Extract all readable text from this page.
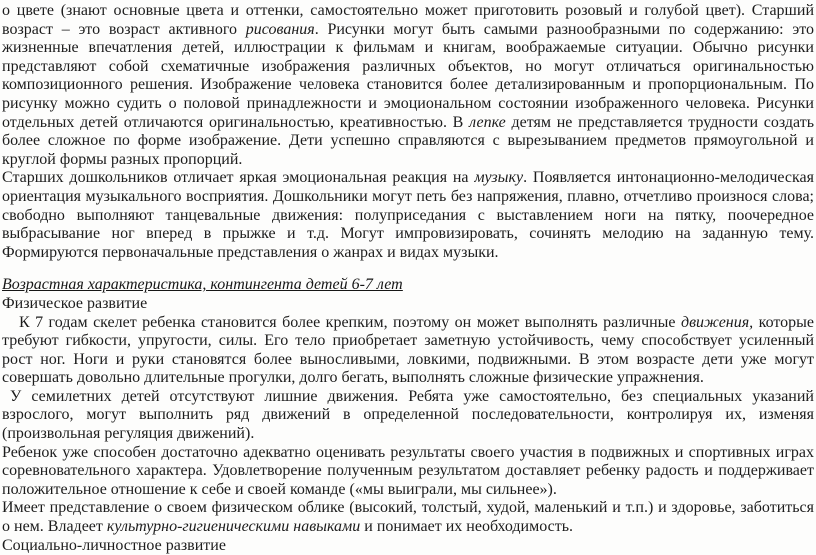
о цвете (знают основные цвета и оттенки, самостоятельно может приготовить розовый и голубой цвет). Старший возраст – это возраст активного рисования. Рисунки могут быть самыми разнообразными по содержанию: это жизненные впечатления детей, иллюстрации к фильмам и книгам, воображаемые ситуации. Обычно рисунки представляют собой схематичные изображения различных объектов, но могут отличаться оригинальностью композиционного решения. Изображение человека становится более детализированным и пропорциональным. По рисунку можно судить о половой принадлежности и эмоциональном состоянии изображенного человека. Рисунки отдельных детей отличаются оригинальностью, креативностью. В лепке детям не представляется трудности создать более сложное по форме изображение. Дети успешно справляются с вырезыванием предметов прямоугольной и круглой формы разных пропорций.

Старших дошкольников отличает яркая эмоциональная реакция на музыку. Появляется интонационно-мелодическая ориентация музыкального восприятия. Дошкольники могут петь без напряжения, плавно, отчетливо произнося слова; свободно выполняют танцевальные движения: полуприседания с выставлением ноги на пятку, поочередное выбрасывание ног вперед в прыжке и т.д. Могут импровизировать, сочинять мелодию на заданную тему. Формируются первоначальные представления о жанрах и видах музыки.

Возрастная характеристика, контингента детей 6-7 лет

Физическое развитие

К 7 годам скелет ребенка становится более крепким, поэтому он может выполнять различные движения, которые требуют гибкости, упругости, силы. Его тело приобретает заметную устойчивость, чему способствует усиленный рост ног. Ноги и руки становятся более выносливыми, ловкими, подвижными. В этом возрасте дети уже могут совершать довольно длительные прогулки, долго бегать, выполнять сложные физические упражнения.

У семилетних детей отсутствуют лишние движения. Ребята уже самостоятельно, без специальных указаний взрослого, могут выполнить ряд движений в определенной последовательности, контролируя их, изменяя (произвольная регуляция движений).

Ребенок уже способен достаточно адекватно оценивать результаты своего участия в подвижных и спортивных играх соревновательного характера. Удовлетворение полученным результатом доставляет ребенку радость и поддерживает положительное отношение к себе и своей команде («мы выиграли, мы сильнее»).

Имеет представление о своем физическом облике (высокий, толстый, худой, маленький и т.п.) и здоровье, заботиться о нем. Владеет культурно-гигиеническими навыками и понимает их необходимость.

Социально-личностное развитие
